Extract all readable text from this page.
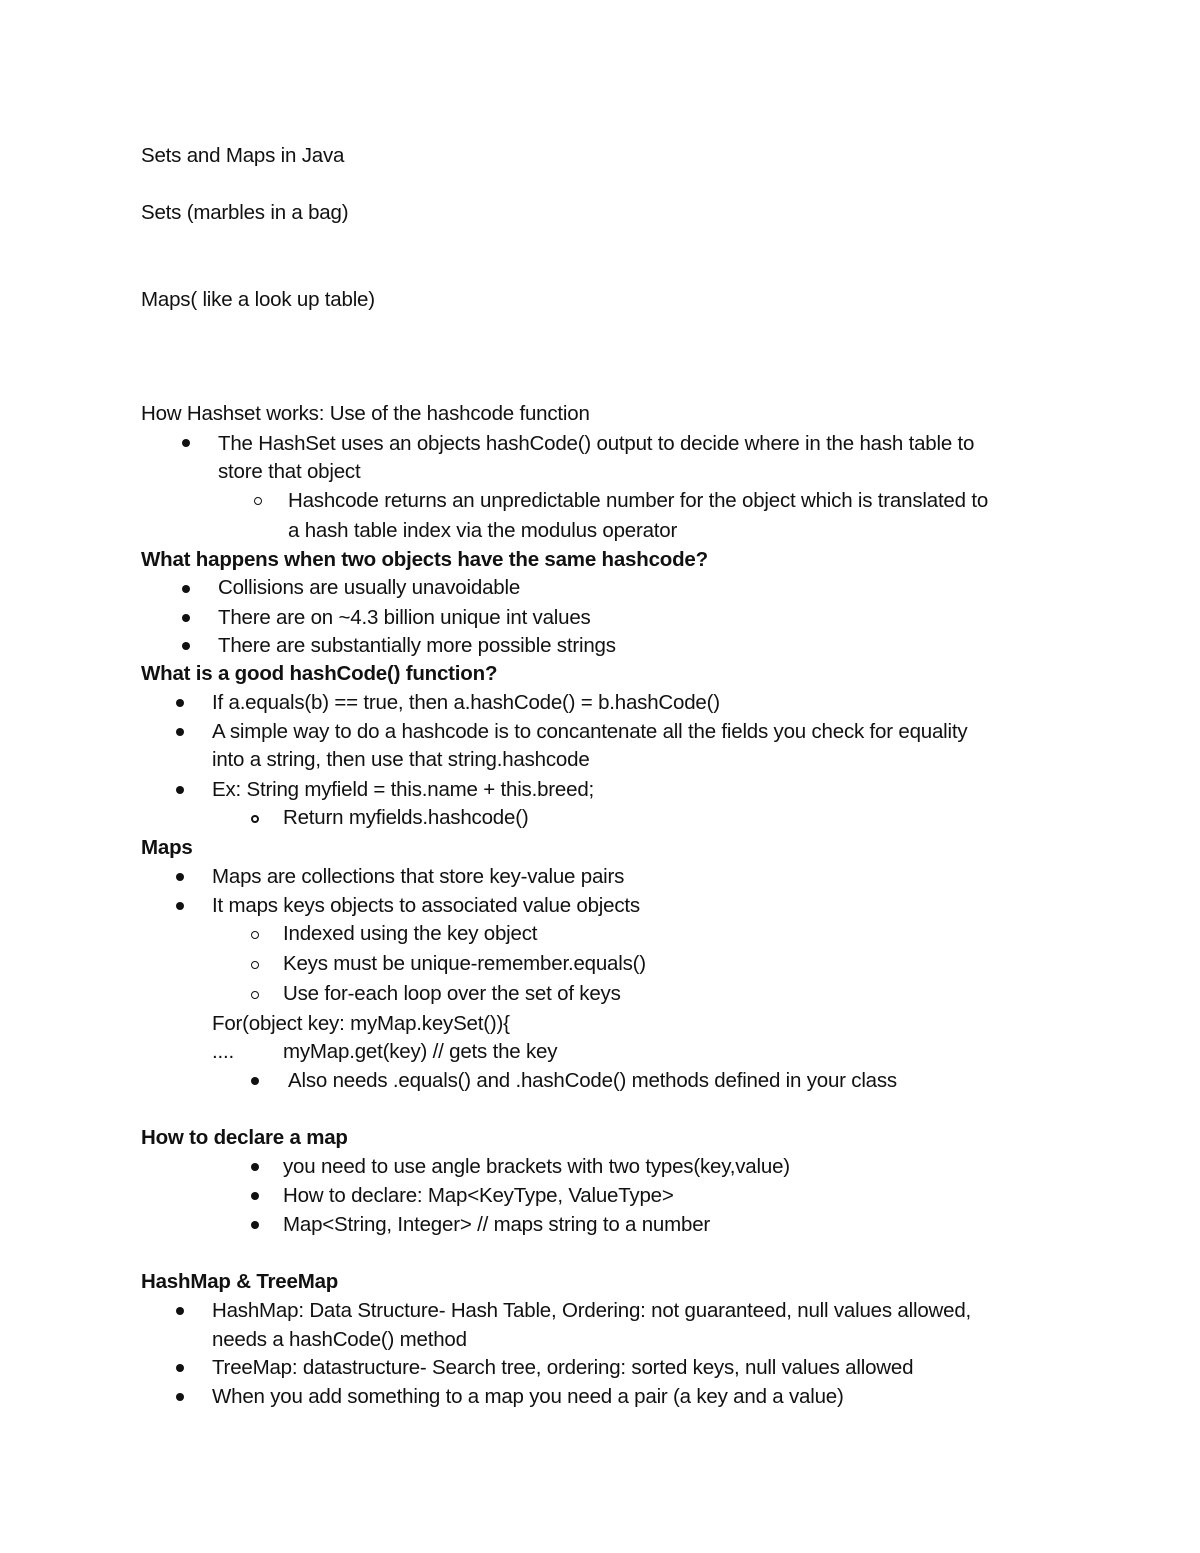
Sets and Maps in Java
Sets (marbles in a bag)
Maps( like a look up table)
How Hashset works: Use of the hashcode function
The HashSet uses an objects hashCode() output to decide where in the hash table to
store that object
Hashcode returns an unpredictable number for the object which is translated to
a hash table index via the modulus operator
What happens when two objects have the same hashcode?
Collisions are usually unavoidable
There are on ~4.3 billion unique int values
There are substantially more possible strings
What is a good hashCode() function?
If a.equals(b) == true, then a.hashCode() = b.hashCode()
A simple way to do a hashcode is to concantenate all the fields you check for equality
into a string, then use that string.hashcode
Ex: String myfield = this.name + this.breed;
Return myfields.hashcode()
Maps
Maps are collections that store key-value pairs
It maps keys objects to associated value objects
Indexed using the key object
Keys must be unique-remember.equals()
Use for-each loop over the set of keys
For(object key: myMap.keySet()){
.... myMap.get(key) // gets the key
Also needs .equals() and .hashCode() methods defined in your class
How to declare a map
you need to use angle brackets with two types(key,value)
How to declare: Map<KeyType, ValueType>
Map<String, Integer> // maps string to a number
HashMap & TreeMap
HashMap: Data Structure- Hash Table, Ordering: not guaranteed, null values allowed,
needs a hashCode() method
TreeMap: datastructure- Search tree, ordering: sorted keys, null values allowed
When you add something to a map you need a pair (a key and a value)
